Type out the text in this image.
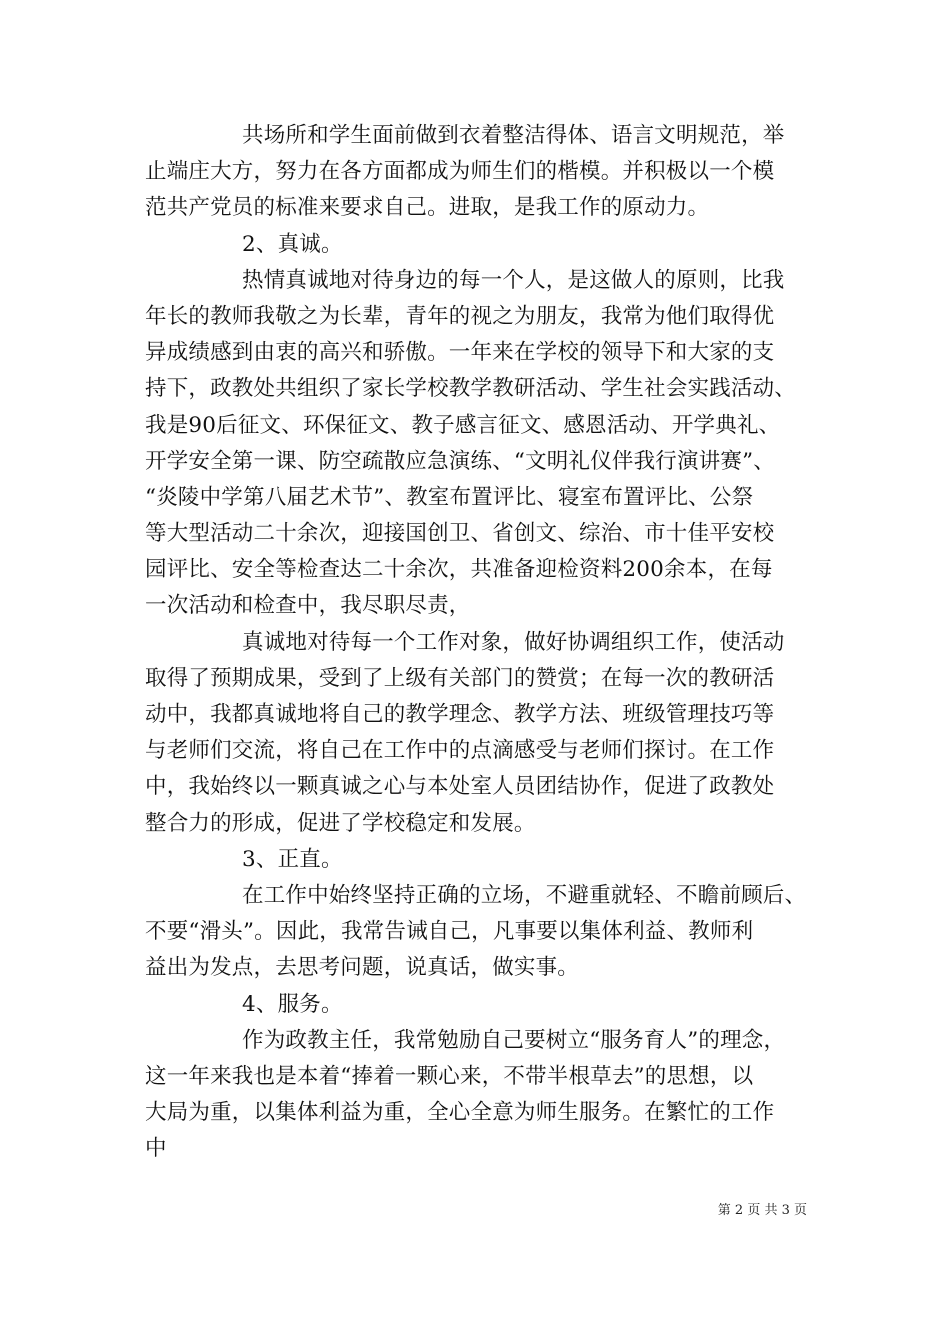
共场所和学生面前做到衣着整洁得体、语言文明规范，举
止端庄大方，努力在各方面都成为师生们的楷模。并积极以一个模
范共产党员的标准来要求自己。进取，是我工作的原动力。
2、真诚。
热情真诚地对待身边的每一个人，是这做人的原则，比我
年长的教师我敬之为长辈，青年的视之为朋友，我常为他们取得优
异成绩感到由衷的高兴和骄傲。一年来在学校的领导下和大家的支
持下，政教处共组织了家长学校教学教研活动、学生社会实践活动、
我是90后征文、环保征文、教子感言征文、感恩活动、开学典礼、
开学安全第一课、防空疏散应急演练、“文明礼仪伴我行演讲赛”、
“炎陵中学第八届艺术节”、教室布置评比、寝室布置评比、公祭
等大型活动二十余次，迎接国创卫、省创文、综治、市十佳平安校
园评比、安全等检查达二十余次，共准备迎检资料200余本，在每
一次活动和检查中，我尽职尽责，
真诚地对待每一个工作对象，做好协调组织工作，使活动
取得了预期成果，受到了上级有关部门的赞赏；在每一次的教研活
动中，我都真诚地将自己的教学理念、教学方法、班级管理技巧等
与老师们交流，将自己在工作中的点滴感受与老师们探讨。在工作
中，我始终以一颗真诚之心与本处室人员团结协作，促进了政教处
整合力的形成，促进了学校稳定和发展。
3、正直。
在工作中始终坚持正确的立场，不避重就轻、不瞻前顾后、
不要“滑头”。因此，我常告诫自己，凡事要以集体利益、教师利
益出为发点，去思考问题，说真话，做实事。
4、服务。
作为政教主任，我常勉励自己要树立“服务育人”的理念，
这一年来我也是本着“捧着一颗心来，不带半根草去”的思想，以
大局为重，以集体利益为重，全心全意为师生服务。在繁忙的工作
中
第 2 页 共 3 页
